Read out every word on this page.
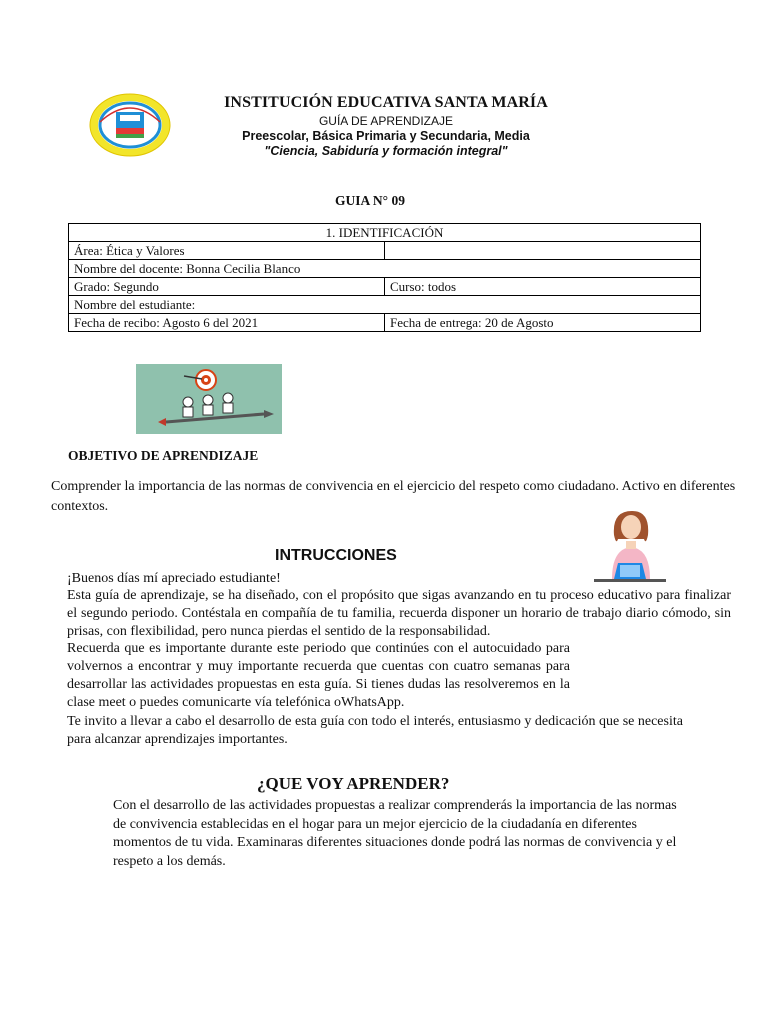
INSTITUCIÓN EDUCATIVA SANTA MARÍA
GUÍA DE APRENDIZAJE
Preescolar, Básica Primaria y Secundaria, Media
"Ciencia, Sabiduría y formación integral"
GUIA N° 09
1. IDENTIFICACIÓN	
Área: Ética y Valores	
Nombre del docente: Bonna Cecilia Blanco	
Grado: Segundo	Curso: todos
Nombre del estudiante:	
Fecha de recibo: Agosto 6 del 2021	Fecha de entrega: 20 de Agosto
OBJETIVO DE APRENDIZAJE
Comprender la importancia de las normas de convivencia en el ejercicio del respeto como ciudadano. Activo en diferentes contextos.
INTRUCCIONES
¡Buenos días mí apreciado estudiante!
Esta guía de aprendizaje, se ha diseñado, con el propósito que sigas avanzando en tu proceso educativo para finalizar el segundo periodo. Contéstala en compañía de tu familia, recuerda disponer un horario de trabajo diario cómodo, sin prisas, con flexibilidad, pero nunca pierdas el sentido de la responsabilidad.
Recuerda que es importante durante este periodo que continúes con el autocuidado para volvernos a encontrar y muy importante recuerda que cuentas con cuatro semanas para desarrollar las actividades propuestas en esta guía. Si tienes dudas las resolveremos en la clase meet o puedes comunicarte vía telefónica oWhatsApp.
Te invito a llevar a cabo el desarrollo de esta guía con todo el interés, entusiasmo y dedicación que se necesita para alcanzar aprendizajes importantes.
¿QUE VOY APRENDER?
Con el desarrollo de las actividades propuestas a realizar comprenderás la importancia de las normas de convivencia establecidas en el hogar para un mejor ejercicio de la ciudadanía en diferentes momentos de tu vida. Examinaras diferentes situaciones donde podrá las normas de convivencia y el respeto a los demás.
